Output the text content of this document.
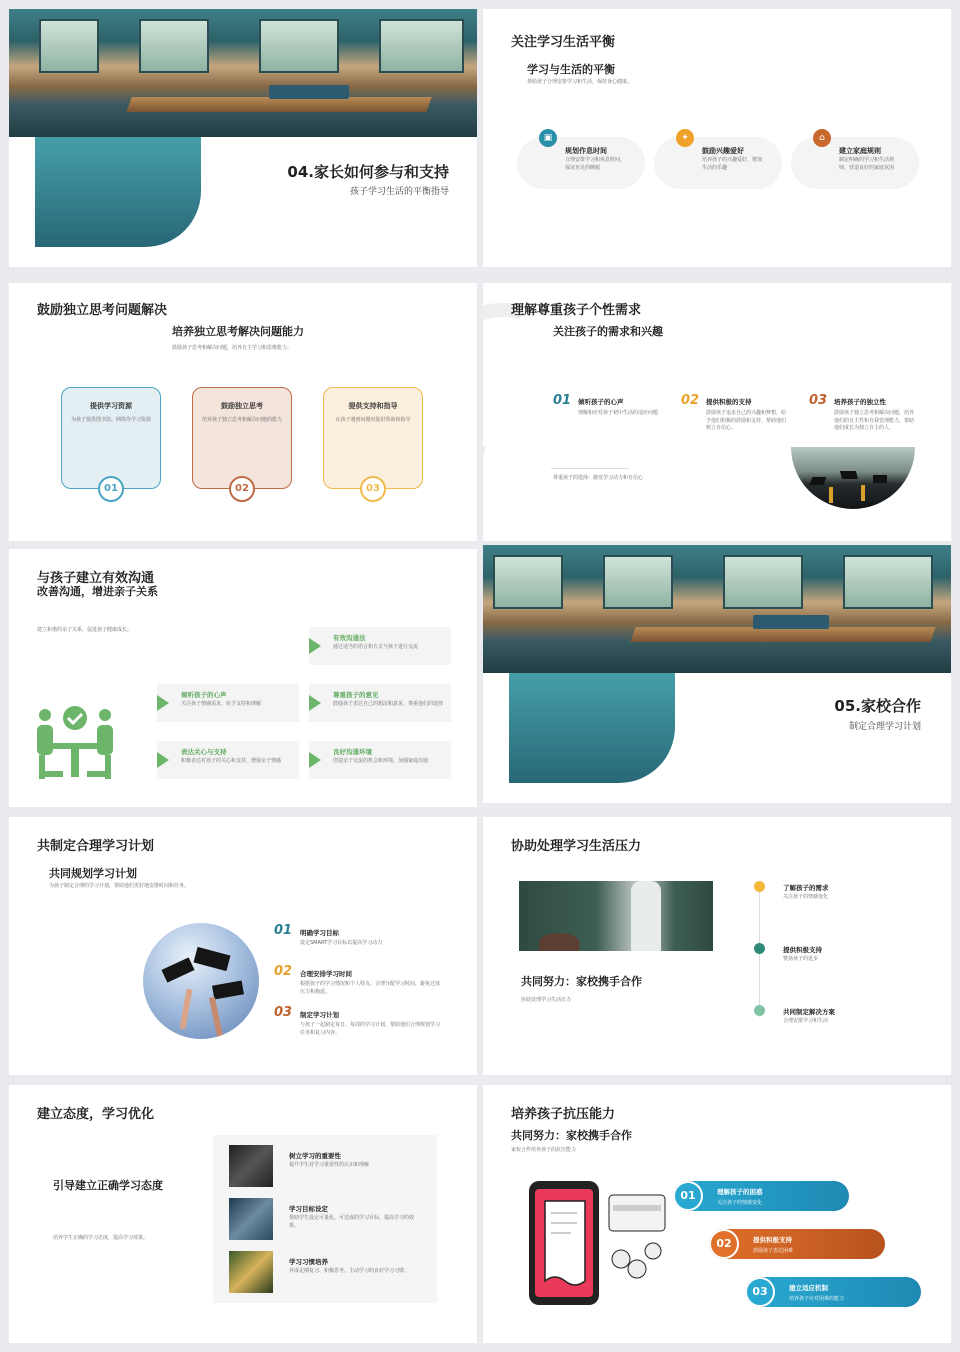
04.家长如何参与和支持
孩子学习生活的平衡指导
关注学习生活平衡
学习与生活的平衡
帮助孩子合理安排学习和生活，保持身心健康。
▣
规划作息时间
合理安排学习和休息时间，保证充足的睡眠
✦
鼓励兴趣爱好
培养孩子的兴趣爱好，增加生活的乐趣
⌂
建立家庭规则
制定明确的学习和生活规则，营造良好的家庭氛围
鼓励独立思考问题解决
培养独立思考解决问题能力
鼓励孩子思考和解决问题，培养自主学习和思维能力。
提供学习资源
为孩子提供图书馆、网络等学习资源
01
鼓励独立思考
培养孩子独立思考和解决问题的能力
02
提供支持和指导
在孩子遇到问题时提供帮助和指导
03
理解尊重孩子个性需求
关注孩子的需求和兴趣
尊重孩子的选择：激发学习动力和自信心
01 倾听孩子的心声
理解和应对孩子初中生活的适应问题
02 提供积极的支持
鼓励孩子追求自己的兴趣和梦想，给予他们积极的鼓励和支持，帮助他们树立自信心。
03 培养孩子的独立性
鼓励孩子独立思考和解决问题，培养他们的自主性和自我管理能力，帮助他们成长为独立自主的人。
与孩子建立有效沟通
改善沟通，增进亲子关系
建立和谐的亲子关系，促进孩子健康成长。
有效沟通法
通过适当的语言和方式与孩子进行交流
倾听孩子的心声
关注孩子情感需求，给予支持和理解
尊重孩子的意见
鼓励孩子表达自己的想法和意见，尊重他们的选择
表达关心与支持
积极表达对孩子的关心和支持，增强亲子情感
良好沟通环境
创造亲子交流的机会和环境，加强家庭沟通
05.家校合作
制定合理学习计划
共制定合理学习计划
共同规划学习计划
为孩子制定合理的学习计划，帮助他们更好地安排时间和任务。
01 明确学习目标
设定SMART学习目标以提高学习动力
02 合理安排学习时间
根据孩子的学习情况和个人特点，合理分配学习时间，避免过度压力和拖延。
03 制定学习计划
与孩子一起制定每日、每周的学习计划，帮助他们合理规划学习任务和复习内容。
协助处理学习生活压力
共同努力：家校携手合作
协助处理学习生活压力
了解孩子的需求
关注孩子的情感变化
提供积极支持
赞扬孩子的进步
共同制定解决方案
合理安排学习和生活
建立态度，学习优化
引导建立正确学习态度
培养学生正确的学习态度，提高学习效果。
树立学习的重要性
提升学生对学习重要性的认识和理解
学习目标设定
帮助学生设定可量化、可达成的学习目标，提高学习的效果。
学习习惯培养
养成定期复习、积极思考、主动学习的良好学习习惯。
培养孩子抗压能力
共同努力：家校携手合作
家校合作培养孩子的抗压能力
01	理解孩子的困惑
关注孩子的情感变化
02	提供积极支持
鼓励孩子表达困难
03	建立适应机制
培养孩子应对困难的能力
